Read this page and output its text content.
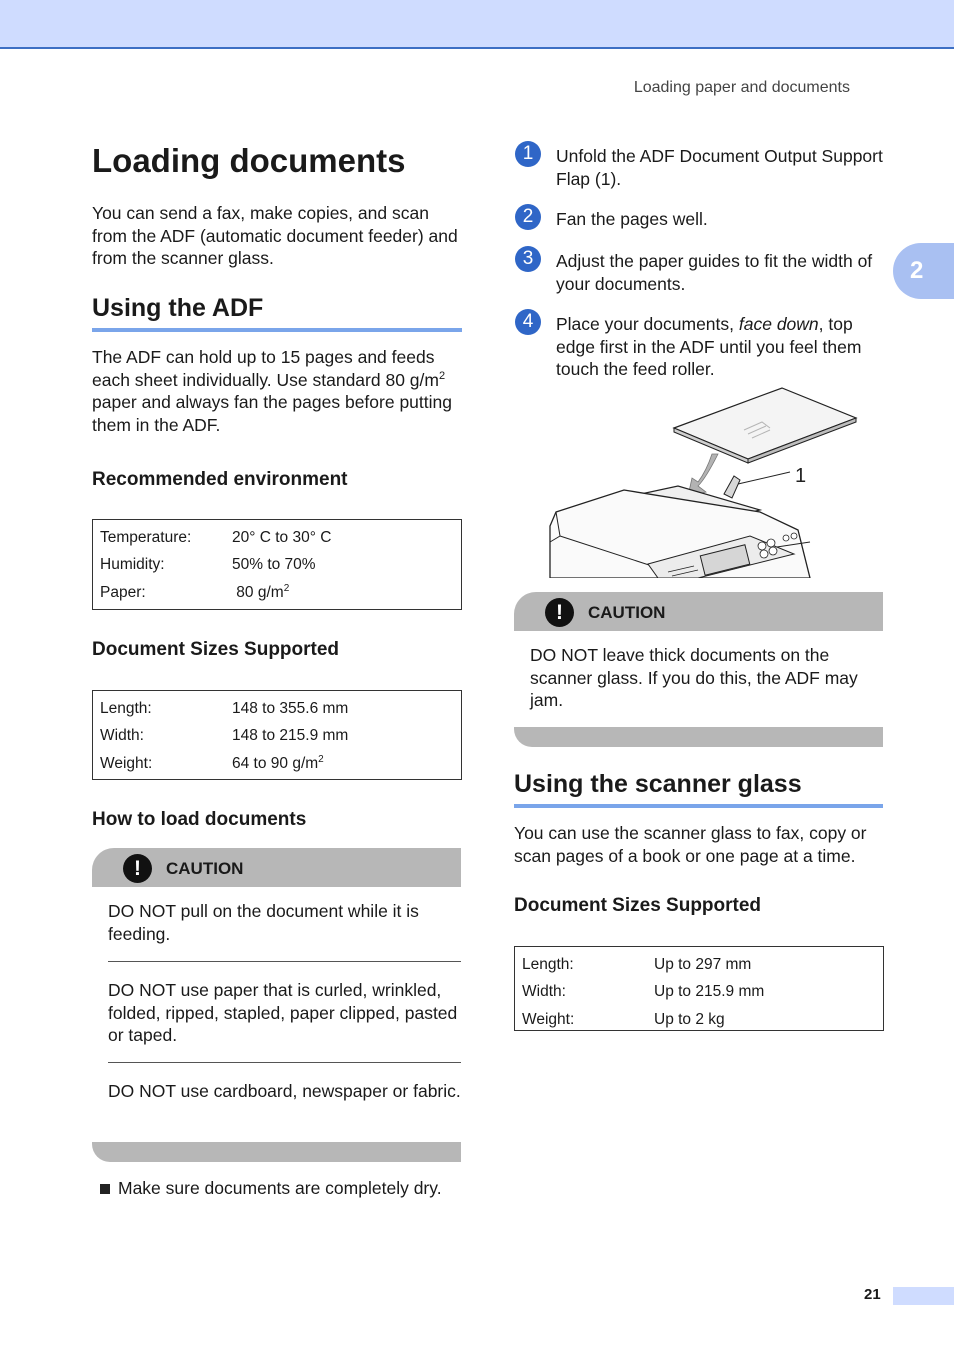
Loading paper and documents
2
Loading documents
You can send a fax, make copies, and scan from the ADF (automatic document feeder) and from the scanner glass.
Using the ADF
The ADF can hold up to 15 pages and feeds each sheet individually. Use standard 80 $g/m^2$ paper and always fan the pages before putting them in the ADF.
Recommended environment
Temperature:	20° C to 30° C
Humidity:	50% to 70%
Paper:	80 $g/m^2$
Document Sizes Supported
Length:	148 to 355.6 mm
Width:	148 to 215.9 mm
Weight:	64 to 90 $g/m^2$
How to load documents
!	CAUTION
DO NOT pull on the document while it is feeding.
DO NOT use paper that is curled, wrinkled, folded, ripped, stapled, paper clipped, pasted or taped.
DO NOT use cardboard, newspaper or fabric.
Make sure documents are completely dry.
1	Unfold the ADF Document Output Support Flap (1).
2	Fan the pages well.
3	Adjust the paper guides to fit the width of your documents.
4	Place your documents, face down, top edge first in the ADF until you feel them touch the feed roller.
1
!	CAUTION
DO NOT leave thick documents on the scanner glass. If you do this, the ADF may jam.
Using the scanner glass
You can use the scanner glass to fax, copy or scan pages of a book or one page at a time.
Document Sizes Supported
Length:	Up to 297 mm
Width:	Up to 215.9 mm
Weight:	Up to 2 kg
21
